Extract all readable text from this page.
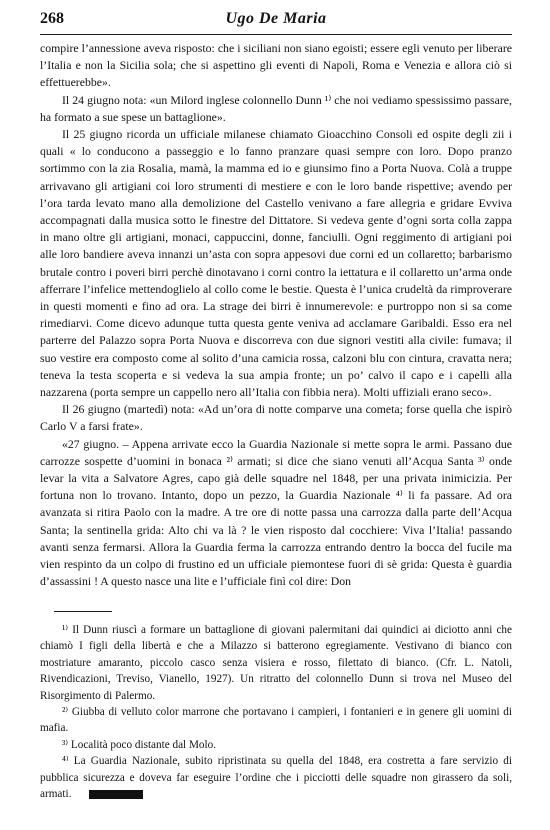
268	Ugo De Maria

compire l’annessione aveva risposto: che i siciliani non siano egoisti; essere egli venuto per liberare l’Italia e non la Sicilia sola; che si aspettino gli eventi di Napoli, Roma e Venezia e allora ciò si effettuerebbe».

Il 24 giugno nota: «un Milord inglese colonnello Dunn ¹⁾ che noi vediamo spessissimo passare, ha formato a sue spese un battaglione».

Il 25 giugno ricorda un ufficiale milanese chiamato Gioacchino Consoli ed ospite degli zii i quali « lo conducono a passeggio e lo fanno pranzare quasi sempre con loro. Dopo pranzo sortimmo con la zia Rosalia, mamà, la mamma ed io e giunsimo fino a Porta Nuova. Colà a truppe arrivavano gli artigiani coi loro strumenti di mestiere e con le loro bande rispettive; avendo per l’ora tarda levato mano alla demolizione del Castello venivano a fare allegria e gridare Evviva accompagnati dalla musica sotto le finestre del Dittatore. Si vedeva gente d’ogni sorta colla zappa in mano oltre gli artigiani, monaci, cappuccini, donne, fanciulli. Ogni reggimento di artigiani poi alle loro bandiere aveva innanzi un’asta con sopra appesovi due corni ed un collaretto; barbarismo brutale contro i poveri birri perchè dinotavano i corni contro la iettatura e il collaretto un’arma onde afferrare l’infelice mettendoglielo al collo come le bestie. Questa è l’unica crudeltà da rimproverare in questi momenti e fino ad ora. La strage dei birri è innumerevole: e purtroppo non si sa come rimediarvi. Come dicevo adunque tutta questa gente veniva ad acclamare Garibaldi. Esso era nel parterre del Palazzo sopra Porta Nuova e discorreva con due signori vestiti alla civile: fumava; il suo vestire era composto come al solito d’una camicia rossa, calzoni blu con cintura, cravatta nera; teneva la testa scoperta e si vedeva la sua ampia fronte; un po’ calvo il capo e i capelli alla nazzarena (porta sempre un cappello nero all’Italia con fibbia nera). Molti uffiziali erano seco».

Il 26 giugno (martedì) nota: «Ad un’ora di notte comparve una cometa; forse quella che ispirò Carlo V a farsi frate».

«27 giugno. – Appena arrivate ecco la Guardia Nazionale si mette sopra le armi. Passano due carrozze sospette d’uomini in bonaca ²⁾ armati; si dice che siano venuti all’Acqua Santa ³⁾ onde levar la vita a Salvatore Agres, capo già delle squadre nel 1848, per una privata inimicizia. Per fortuna non lo trovano. Intanto, dopo un pezzo, la Guardia Nazionale ⁴⁾ li fa passare. Ad ora avanzata si ritira Paolo con la madre. A tre ore di notte passa una carrozza dalla parte dell’Acqua Santa; la sentinella grida: Alto chi va là ? le vien risposto dal cocchiere: Viva l’Italia! passando avanti senza fermarsi. Allora la Guardia ferma la carrozza entrando dentro la bocca del fucile ma vien respinto da un colpo di frustino ed un ufficiale piemontese fuori di sè grida: Questa è guardia d’assassini ! A questo nasce una lite e l’ufficiale finì col dire: Don

¹⁾ Il Dunn riuscì a formare un battaglione di giovani palermitani dai quindici ai diciotto anni che chiamò I figli della libertà e che a Milazzo si batterono egregiamente. Vestivano di bianco con mostriature amaranto, piccolo casco senza visiera e rosso, filettato di bianco. (Cfr. L. Natoli, Rivendicazioni, Treviso, Vianello, 1927). Un ritratto del colonnello Dunn si trova nel Museo del Risorgimento di Palermo.

²⁾ Giubba di velluto color marrone che portavano i campieri, i fontanieri e in genere gli uomini di mafia.

³⁾ Località poco distante dal Molo.

⁴⁾ La Guardia Nazionale, subito ripristinata su quella del 1848, era costretta a fare servizio di pubblica sicurezza e doveva far eseguire l’ordine che i picciotti delle squadre non girassero da soli, armati.
